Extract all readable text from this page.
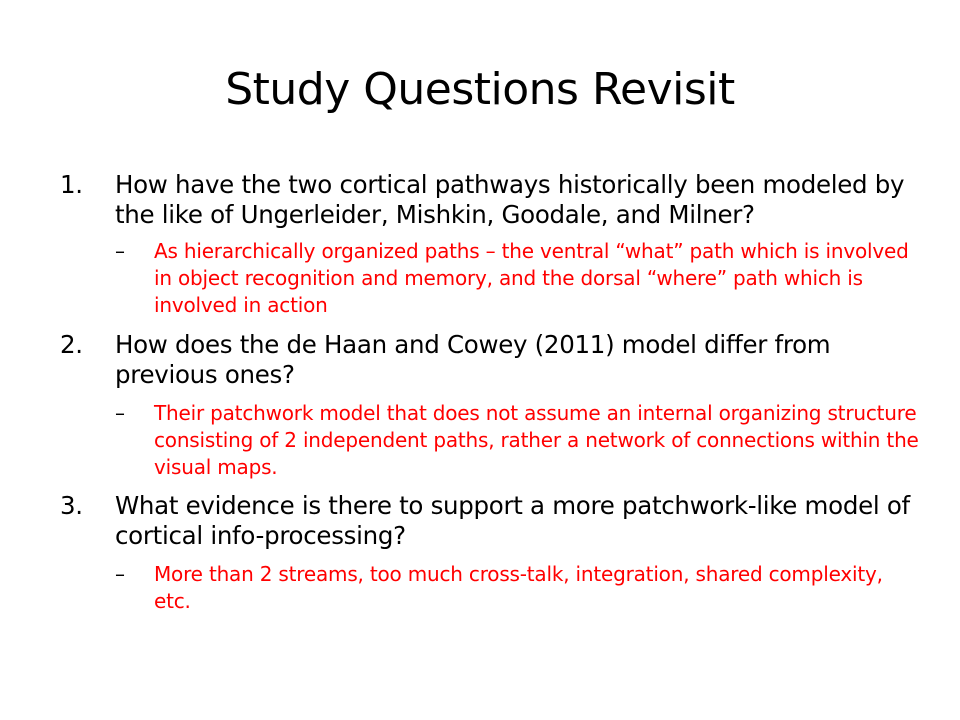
Study Questions Revisit
1. How have the two cortical pathways historically been modeled by the like of Ungerleider, Mishkin, Goodale, and Milner?
– As hierarchically organized paths – the ventral “what” path which is involved in object recognition and memory, and the dorsal “where” path which is involved in action
2. How does the de Haan and Cowey (2011) model differ from previous ones?
– Their patchwork model that does not assume an internal organizing structure consisting of 2 independent paths, rather a network of connections within the visual maps.
3. What evidence is there to support a more patchwork-like model of cortical info-processing?
– More than 2 streams, too much cross-talk, integration, shared complexity, etc.
